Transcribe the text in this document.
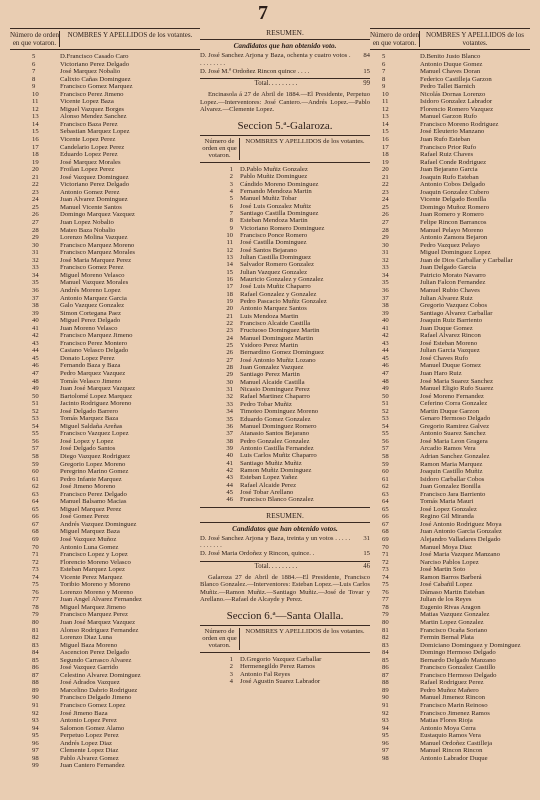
7
Número de orden en que votaron.
NOMBRES Y APELLIDOS de los votantes.
5	D.Francisco Casado Caro
6	Victoriano Perez Delgado
7	José Marquez Nobalio
8	Calixto Cañas Dominguez
9	Francisco Gomez Marquez
10	Francisco Perez Jimeno
11	Vicente Lopez Baza
12	Miguel Vazquez Borges
13	Alonso Mendez Sanchez
14	Francisco Baza Perez
15	Sebastian Marquez Lopez
16	Vicente Lopez Perez
17	Candelario Lopez Perez
18	Eduardo Lopez Perez
19	José Marquez Morales
20	Froilan Lopez Perez
21	José Vazquez Dominguez
22	Victoriano Perez Delgado
23	Antonio Gomez Perez
24	Juan Alvarez Dominguez
25	Manuel Vicente Santos
26	Domingo Marquez Vazquez
27	Juan Lopez Nobalio
28	Mateo Baza Nobalio
29	Lorenzo Molina Vazquez
30	Francisco Marquez Moreno
31	Francisco Marquez Morales
32	José Maria Marquez Perez
33	Francisco Gomez Perez
34	Miguel Moreno Velasco
35	Manuel Vazquez Morales
36	Andrés Moreno Lopez
37	Antonio Marquez Garcia
38	Galo Vazquez Gonzalez
39	Simon Cortegana Paez
40	Miguel Perez Delgado
41	Juan Moreno Velasco
42	Francisco Marquez Jimeno
43	Francisco Perez Montero
44	Casiano Velasco Delgado
45	Donato Lopez Perez
46	Fernando Baza y Baza
47	Pedro Marquez Vazquez
48	Tomás Velasco Jimeno
49	Juan José Marquez Vazquez
50	Bartolomé Lopez Marquez
51	Jacinto Rodriguez Moreno
52	José Delgado Barrero
53	Tomás Marquez Baza
54	Miguel Saldaña Areñas
55	Francisco Vazquez Lopez
56	José Lopez y Lopez
57	José Delgado Santos
58	Diego Vazquez Rodriguez
59	Gregorio Lopez Moreno
60	Peregrino Marino Gomez
61	Pedro Infante Marquez
62	José Jimeno Moreno
63	Francisco Perez Delgado
64	Manuel Balsamo Macias
65	Miguel Marquez Perez
66	José Gomez Perez
67	Andrés Vazquez Dominguez
68	Miguel Marquez Baza
69	José Vazquez Muñoz
70	Antonio Luna Gomez
71	Francisco Lopez y Lopez
72	Florencio Moreno Velasco
73	Esteban Marquez Lopez
74	Vicente Perez Marquez
75	Toribio Moreno y Moreno
76	Lorenzo Moreno y Moreno
77	Juan Angel Alvarez Fernandez
78	Miguel Marquez Jimeno
79	Francisco Marquez Perez
80	Juan José Marquez Vazquez
81	Alonso Rodriguez Fernandez
82	Lorenzo Diaz Luna
83	Miguel Baza Moreno
84	Ascencion Perez Delgado
85	Segundo Carrasco Alvarez
86	José Vazquez Garrido
87	Celestino Alvarez Dominguez
88	José Adrados Vazquez
89	Marcelino Dabrio Rodriguez
90	Francisco Delgado Jimeno
91	Francisco Gomez Lopez
92	José Jimeno Baza
93	Antonio Lopez Perez
94	Salomon Gomez Alamo
95	Perpetuo Lopez Perez
96	Andrés Lopez Diaz
97	Clemente Lopez Diaz
98	Pablo Alvarez Gomez
99	Juan Cantero Fernandez
RESUMEN.
Candidatos que han obtenido voto.
D. José Sanchez Arjona y Baza, ochenta y cuatro votos . . . . . . . . .
84
D. José M.ª Ordoñez Rincon quince . . . .	15
Total. . . . . . . . .	99
Encinasola á 27 de Abril de 1884.—El Presidente, Perpetuo Lopez.—Interventores: José Cantero.—Andrés Lopez.—Pablo Alvarez.—Clemente Lopez.
Seccion 5.ª-Galaroza.
Número de orden en que votaron.
NOMBRES Y APELLIDOS de los votantes.
1	D.Pablo Muñiz Gonzalez
2	Pablo Muñiz Dominguez
3	Cándido Moreno Dominguez
4	Fernando Mendoza Martin
5	Manuel Muñiz Tobar
6	José Luis Gonzalez Muñiz
7	Santiago Castilla Dominguez
8	Esteban Mendoza Martin
9	Victoriano Romero Dominguez
10	Francisco Ponce Romero
11	José Castilla Dominguez
12	José Santos Bejarano
13	Julian Castilla Dominguez
14	Salvador Romero Gonzalez
15	Julian Vazquez Gonzalez
16	Mauricio Gonzalez y Gonzalez
17	José Luis Muñiz Chaparro
18	Rafael Gonzalez y Gonzalez
19	Pedro Pascacio Muñiz Gonzalez
20	Antonio Marquez Santos
21	Luis Mendoza Martin
22	Francisco Alcaide Castilla
23	Fructuoso Dominguez Martin
24	Manuel Dominguez Martin
25	Ysidoro Perez Martin
26	Bernardino Gomez Dominguez
27	José Antonio Muñiz Lozano
28	Juan Gonzalez Vazquez
29	Santiago Perez Martin
30	Manuel Alcaide Castilla
31	Nicasio Dominguez Perez
32	Rafael Martinez Chaparro
33	Pedro Tobar Muñiz
34	Timoteo Dominguez Moreno
35	Eduardo Gomez Gonzalez
36	Manuel Dominguez Romero
37	Atanasio Santos Bejarano
38	Pedro Gonzalez Gonzalez
39	Antonio Castilla Fernandez
40	Luis Carlos Muñiz Chaparro
41	Santiago Muñiz Muñiz
42	Ramon Muñiz Dominguez
43	Esteban Lopez Yañez
44	Rafael Alcaide Perez
45	José Tobar Arellano
46	Francisco Blanco Gonzalez
RESUMEN.
Candidatos que han obtenido votos.
D. José Sanchez Arjona y Baza, treinta y un votos . . . . . . . . . . . .
31
D. José Maria Ordoñez y Rincon, quince. .	15
Total. . . . . . . . .	46
Galaroza 27 de Abril de 1884.—El Presidente, Francisco Blanco Gonzalez.—Interventores: Esteban Lopez.—Luis Carlos Muñiz.—Ramon Muñiz.—Santiago Muñiz.—José de Tovar y Arellano.—Rafael de Alcayde y Perez.
Seccion 6.ª—Santa Olalla.
Número de orden en que votaron.
NOMBRES Y APELLIDOS de los votantes.
1	D.Gregorio Vazquez Carballar
2	Hermenegildo Perez Ramos
3	Antonio Fal Reyes
4	José Agustin Suarez Labrador
Número de orden en que votaron.
NOMBRES Y APELLIDOS de los votantes.
5	D.Benito Justo Blanco
6	Antonio Duque Gomez
7	Manuel Chaves Doran
8	Federico Castilleja Garzon
9	Pedro Tallet Barnich
10	Nicolás Dornas Lorenzo
11	Isidoro Gonzalez Labrador
12	Florencio Romero Vazquez
13	Manuel Garzon Rufo
14	Francisco Moreno Rodriguez
15	José Eleuterio Manzano
16	Juan Rufo Esteban
17	Francisco Prior Rufo
18	Rafael Ruiz Chaves
19	Rafael Conde Rodriguez
20	Juan Bejarano Garcia
21	Joaquin Rufo Esteban
22	Antonio Cobos Delgado
23	Joaquin Gonzalez Cubero
24	Vicente Delgado Bonilla
25	Domingo Muñoz Romero
26	Juan Romero y Romero
27	Felipe Rincon Barrancos
28	Manuel Pelayo Moreno
29	Antonio Zamora Bejaron
30	Pedro Vazquez Pelayo
31	Miguel Dominguez Lopez
32	Juan de Dios Carballar y Carballar
33	Juan Delgado Garcia
34	Patricio Morato Navarro
35	Julian Falcon Fernandez
36	Manuel Rubio Chaves
37	Julian Alvarez Ruiz
38	Gregorio Vazquez Cobos
39	Santiago Alvarez Carballar
40	Joaquin Ruiz Barriento
41	Juan Duque Gomez
42	Rafael Alvarez Rincon
43	José Esteban Moreno
44	Julian Garcia Vazquez
45	José Chaves Rufo
46	Manuel Duque Gomez
47	Juan Haro Ruiz
48	José Maria Suarez Sanchez
49	Manuel Eligio Rufo Suarez
50	José Moreno Fernandez
51	Ceferino Corra Gonzalez
52	Martin Duque Garzon
53	Genaro Hermoso Delgado
54	Gregorio Ramirez Galvez
55	Antonio Suarez Sanchez
56	José Maria Leon Gragera
57	Arcadio Ramos Vera
58	Adrian Sanchez Gonzalez
59	Ramon Maria Marquez
60	Joaquin Castillo Muñiz
61	Isidoro Carballar Cobos
62	Juan Gonzalez Bonilla
63	Francisco Jara Barriento
64	Tomás Maria Mauri
65	José Lopez Gonzalez
66	Regino Gil Miranda
67	José Antonio Rodriguez Moya
68	Juan Antonio Garcia Gonzalez
69	Alejandro Valladares Delgado
70	Manuel Moya Diaz
71	José Maria Vazquez Manzano
72	Narciso Pablos Lopez
73	José Martin Soto
74	Ramon Barros Barberá
75	José Cabañil Lopez
76	Dámaso Martin Esteban
77	Julian de los Reyes
78	Eugenio Rivas Aragon
79	Matias Vazquez Gonzalez
80	Martin Lopez Gonzalez
81	Francisco Ocaña Soriano
82	Fermin Bernal Plata
83	Domiciano Dominguez y Dominguez
84	Domingo Hermoso Delgado
85	Bernardo Delgado Manzano
86	Francisco Gonzalez Castillo
87	Francisco Hermoso Delgado
88	Rafael Rodriguez Perez
89	Pedro Muñoz Mañero
90	Manuel Jimenez Rincon
91	Francisco Marin Reinoso
92	Francisco Jimenez Ramos
93	Matias Flores Rioja
94	Antonio Moya Cerra
95	Eustaquio Ramos Vera
96	Manuel Ordoñez Castilleja
97	Manuel Rincon Rincon
98	Antonio Labrador Duque
